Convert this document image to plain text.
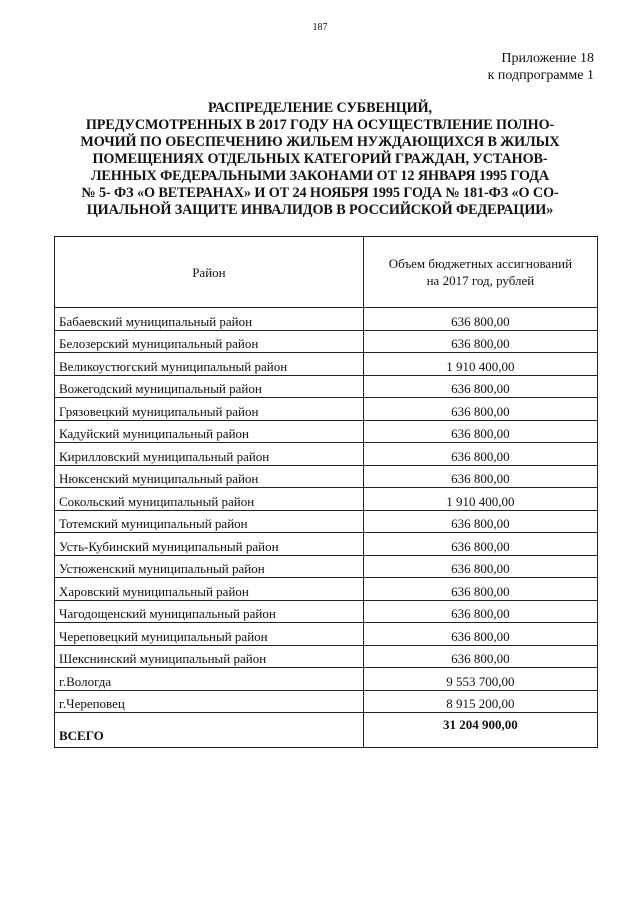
187
Приложение 18
к подпрограмме 1
РАСПРЕДЕЛЕНИЕ СУБВЕНЦИЙ,
ПРЕДУСМОТРЕННЫХ В 2017 ГОДУ НА ОСУЩЕСТВЛЕНИЕ ПОЛНО-
МОЧИЙ ПО ОБЕСПЕЧЕНИЮ ЖИЛЬЕМ НУЖДАЮЩИХСЯ В ЖИЛЫХ
ПОМЕЩЕНИЯХ ОТДЕЛЬНЫХ КАТЕГОРИЙ ГРАЖДАН, УСТАНОВ-
ЛЕННЫХ ФЕДЕРАЛЬНЫМИ ЗАКОНАМИ ОТ 12 ЯНВАРЯ 1995 ГОДА
№ 5- ФЗ «О ВЕТЕРАНАХ» И ОТ 24 НОЯБРЯ 1995 ГОДА № 181-ФЗ «О СО-
ЦИАЛЬНОЙ ЗАЩИТЕ ИНВАЛИДОВ В РОССИЙСКОЙ ФЕДЕРАЦИИ»
Район	Объем бюджетных ассигнований
на 2017 год, рублей

Бабаевский муниципальный район	636 800,00
Белозерский муниципальный район	636 800,00
Великоустюгский муниципальный район	1 910 400,00
Вожегодский муниципальный район	636 800,00
Грязовецкий муниципальный район	636 800,00
Кадуйский муниципальный район	636 800,00
Кирилловский муниципальный район	636 800,00
Нюксенский муниципальный район	636 800,00
Сокольский муниципальный район	1 910 400,00
Тотемский муниципальный район	636 800,00
Усть-Кубинский муниципальный район	636 800,00
Устюженский муниципальный район	636 800,00
Харовский муниципальный район	636 800,00
Чагодощенский муниципальный район	636 800,00
Череповецкий муниципальный район	636 800,00
Шекснинский муниципальный район	636 800,00
г.Вологда	9 553 700,00
г.Череповец	8 915 200,00
ВСЕГО	31 204 900,00
